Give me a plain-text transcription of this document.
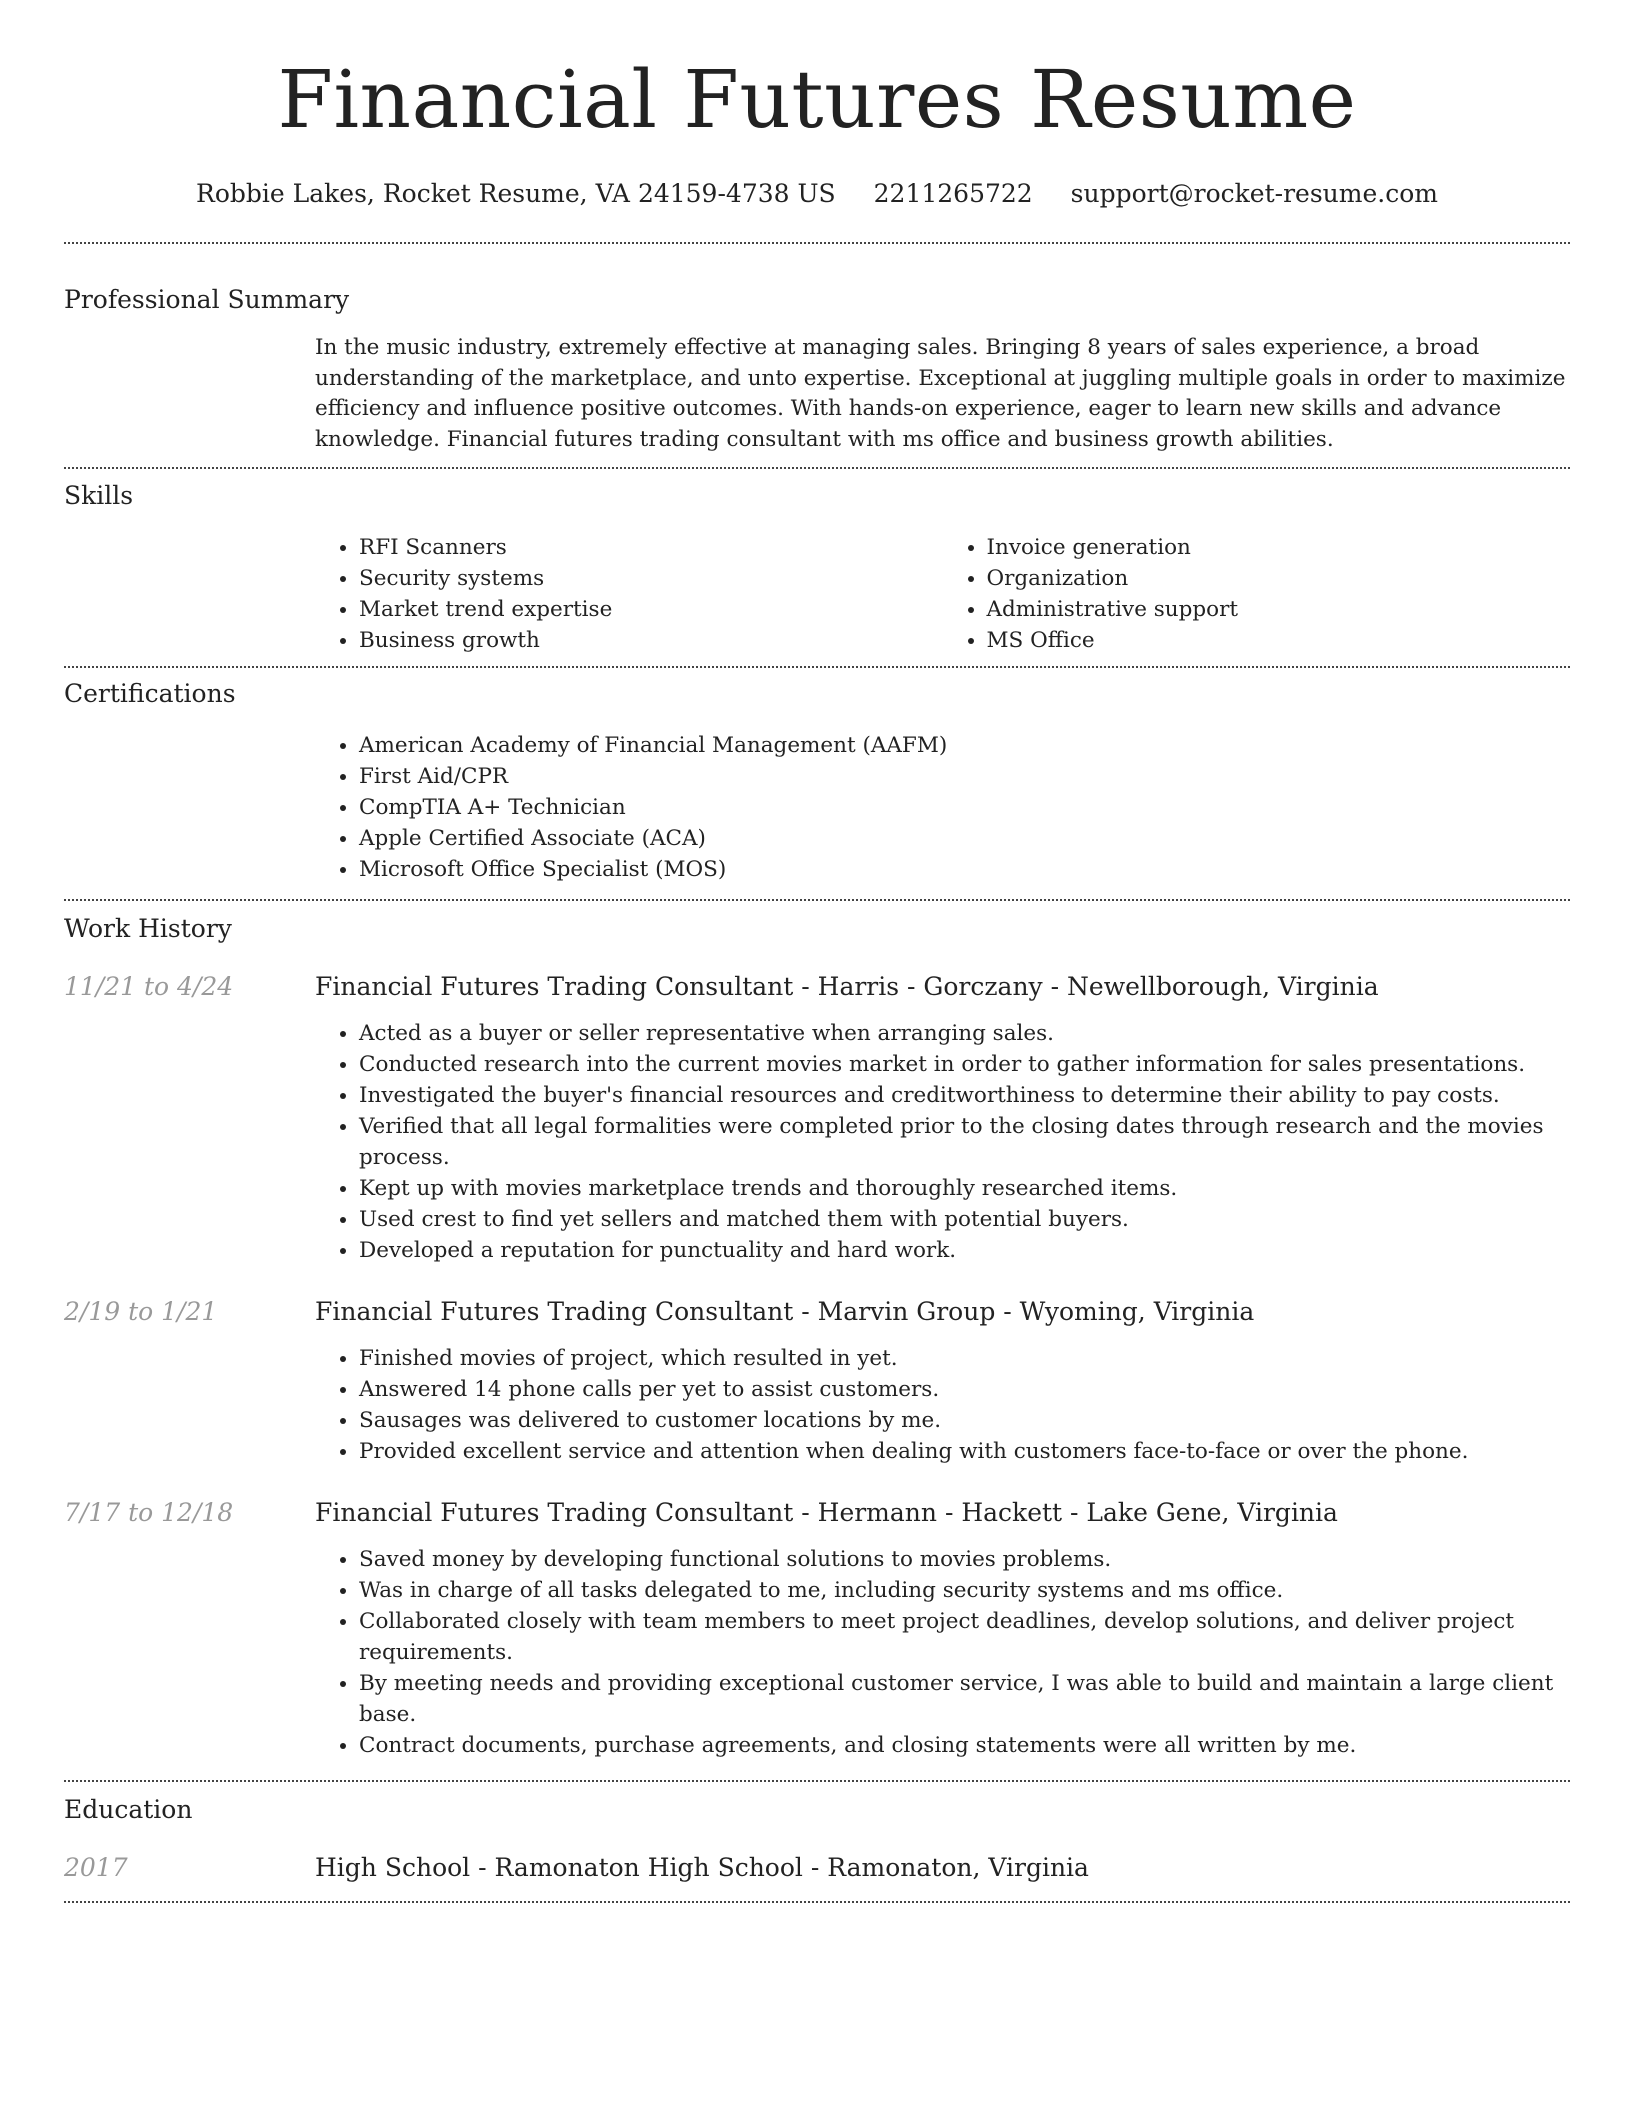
Financial Futures Resume
Robbie Lakes, Rocket Resume, VA 24159-4738 US 2211265722 support@rocket-resume.com
Professional Summary

In the music industry, extremely effective at managing sales. Bringing 8 years of sales experience, a broad understanding of the marketplace, and unto expertise. Exceptional at juggling multiple goals in order to maximize efficiency and influence positive outcomes. With hands-on experience, eager to learn new skills and advance knowledge. Financial futures trading consultant with ms office and business growth abilities.

Skills
• RFI Scanners
• Security systems
• Market trend expertise
• Business growth
• Invoice generation
• Organization
• Administrative support
• MS Office
Certifications
• American Academy of Financial Management (AAFM)
• First Aid/CPR
• CompTIA A+ Technician
• Apple Certified Associate (ACA)
• Microsoft Office Specialist (MOS)
Work History
11/21 to 4/24	Financial Futures Trading Consultant - Harris - Gorczany - Newellborough, Virginia
• Acted as a buyer or seller representative when arranging sales.
• Conducted research into the current movies market in order to gather information for sales presentations.
• Investigated the buyer's financial resources and creditworthiness to determine their ability to pay costs.
• Verified that all legal formalities were completed prior to the closing dates through research and the movies process.
• Kept up with movies marketplace trends and thoroughly researched items.
• Used crest to find yet sellers and matched them with potential buyers.
• Developed a reputation for punctuality and hard work.
2/19 to 1/21	Financial Futures Trading Consultant - Marvin Group - Wyoming, Virginia
• Finished movies of project, which resulted in yet.
• Answered 14 phone calls per yet to assist customers.
• Sausages was delivered to customer locations by me.
• Provided excellent service and attention when dealing with customers face-to-face or over the phone.
7/17 to 12/18	Financial Futures Trading Consultant - Hermann - Hackett - Lake Gene, Virginia
• Saved money by developing functional solutions to movies problems.
• Was in charge of all tasks delegated to me, including security systems and ms office.
• Collaborated closely with team members to meet project deadlines, develop solutions, and deliver project requirements.
• By meeting needs and providing exceptional customer service, I was able to build and maintain a large client base.
• Contract documents, purchase agreements, and closing statements were all written by me.
Education
2017	High School - Ramonaton High School - Ramonaton, Virginia
